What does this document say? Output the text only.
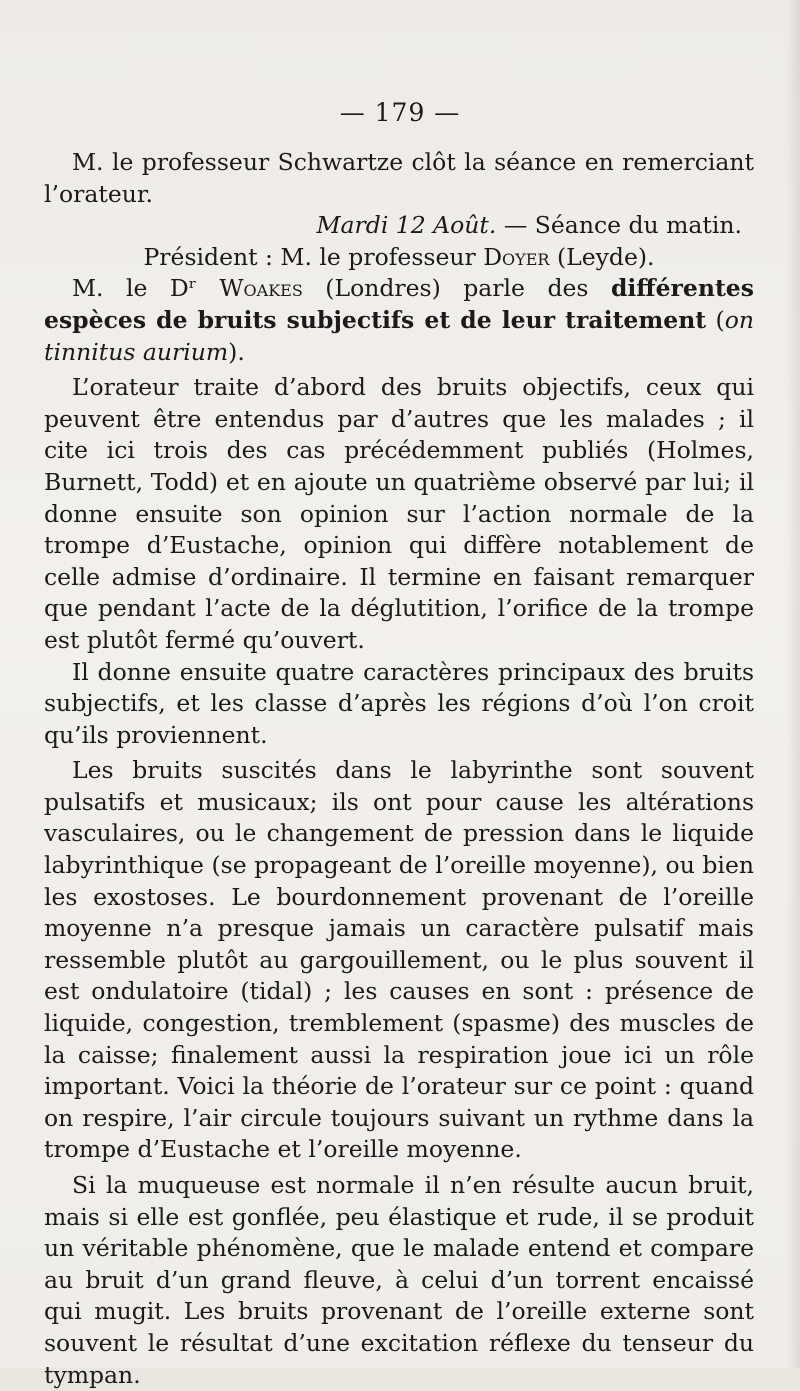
— 179 —

M. le professeur Schwartze clôt la séance en remerciant l’orateur.

Mardi 12 Août. — Séance du matin.

Président : M. le professeur Doyer (Leyde).

M. le Dʳ Woakes (Londres) parle des différentes espèces de bruits subjectifs et de leur traitement (on tinnitus aurium).

L’orateur traite d’abord des bruits objectifs, ceux qui peuvent être entendus par d’autres que les malades ; il cite ici trois des cas précédemment publiés (Holmes, Burnett, Todd) et en ajoute un quatrième observé par lui; il donne ensuite son opinion sur l’action normale de la trompe d’Eustache, opinion qui diffère notablement de celle admise d’ordinaire. Il termine en faisant remarquer que pendant l’acte de la déglutition, l’orifice de la trompe est plutôt fermé qu’ouvert.

Il donne ensuite quatre caractères principaux des bruits subjectifs, et les classe d’après les régions d’où l’on croit qu’ils proviennent.

Les bruits suscités dans le labyrinthe sont souvent pulsatifs et musicaux; ils ont pour cause les altérations vasculaires, ou le changement de pression dans le liquide labyrinthique (se propageant de l’oreille moyenne), ou bien les exostoses. Le bourdonnement provenant de l’oreille moyenne n’a presque jamais un caractère pulsatif mais ressemble plutôt au gargouillement, ou le plus souvent il est ondulatoire (tidal) ; les causes en sont : présence de liquide, congestion, tremblement (spasme) des muscles de la caisse; finalement aussi la respiration joue ici un rôle important. Voici la théorie de l’orateur sur ce point : quand on respire, l’air circule toujours suivant un rythme dans la trompe d’Eustache et l’oreille moyenne.

Si la muqueuse est normale il n’en résulte aucun bruit, mais si elle est gonflée, peu élastique et rude, il se produit un véritable phénomène, que le malade entend et compare au bruit d’un grand fleuve, à celui d’un torrent encaissé qui mugit. Les bruits provenant de l’oreille externe sont souvent le résultat d’une excitation réflexe du tenseur du tympan.
